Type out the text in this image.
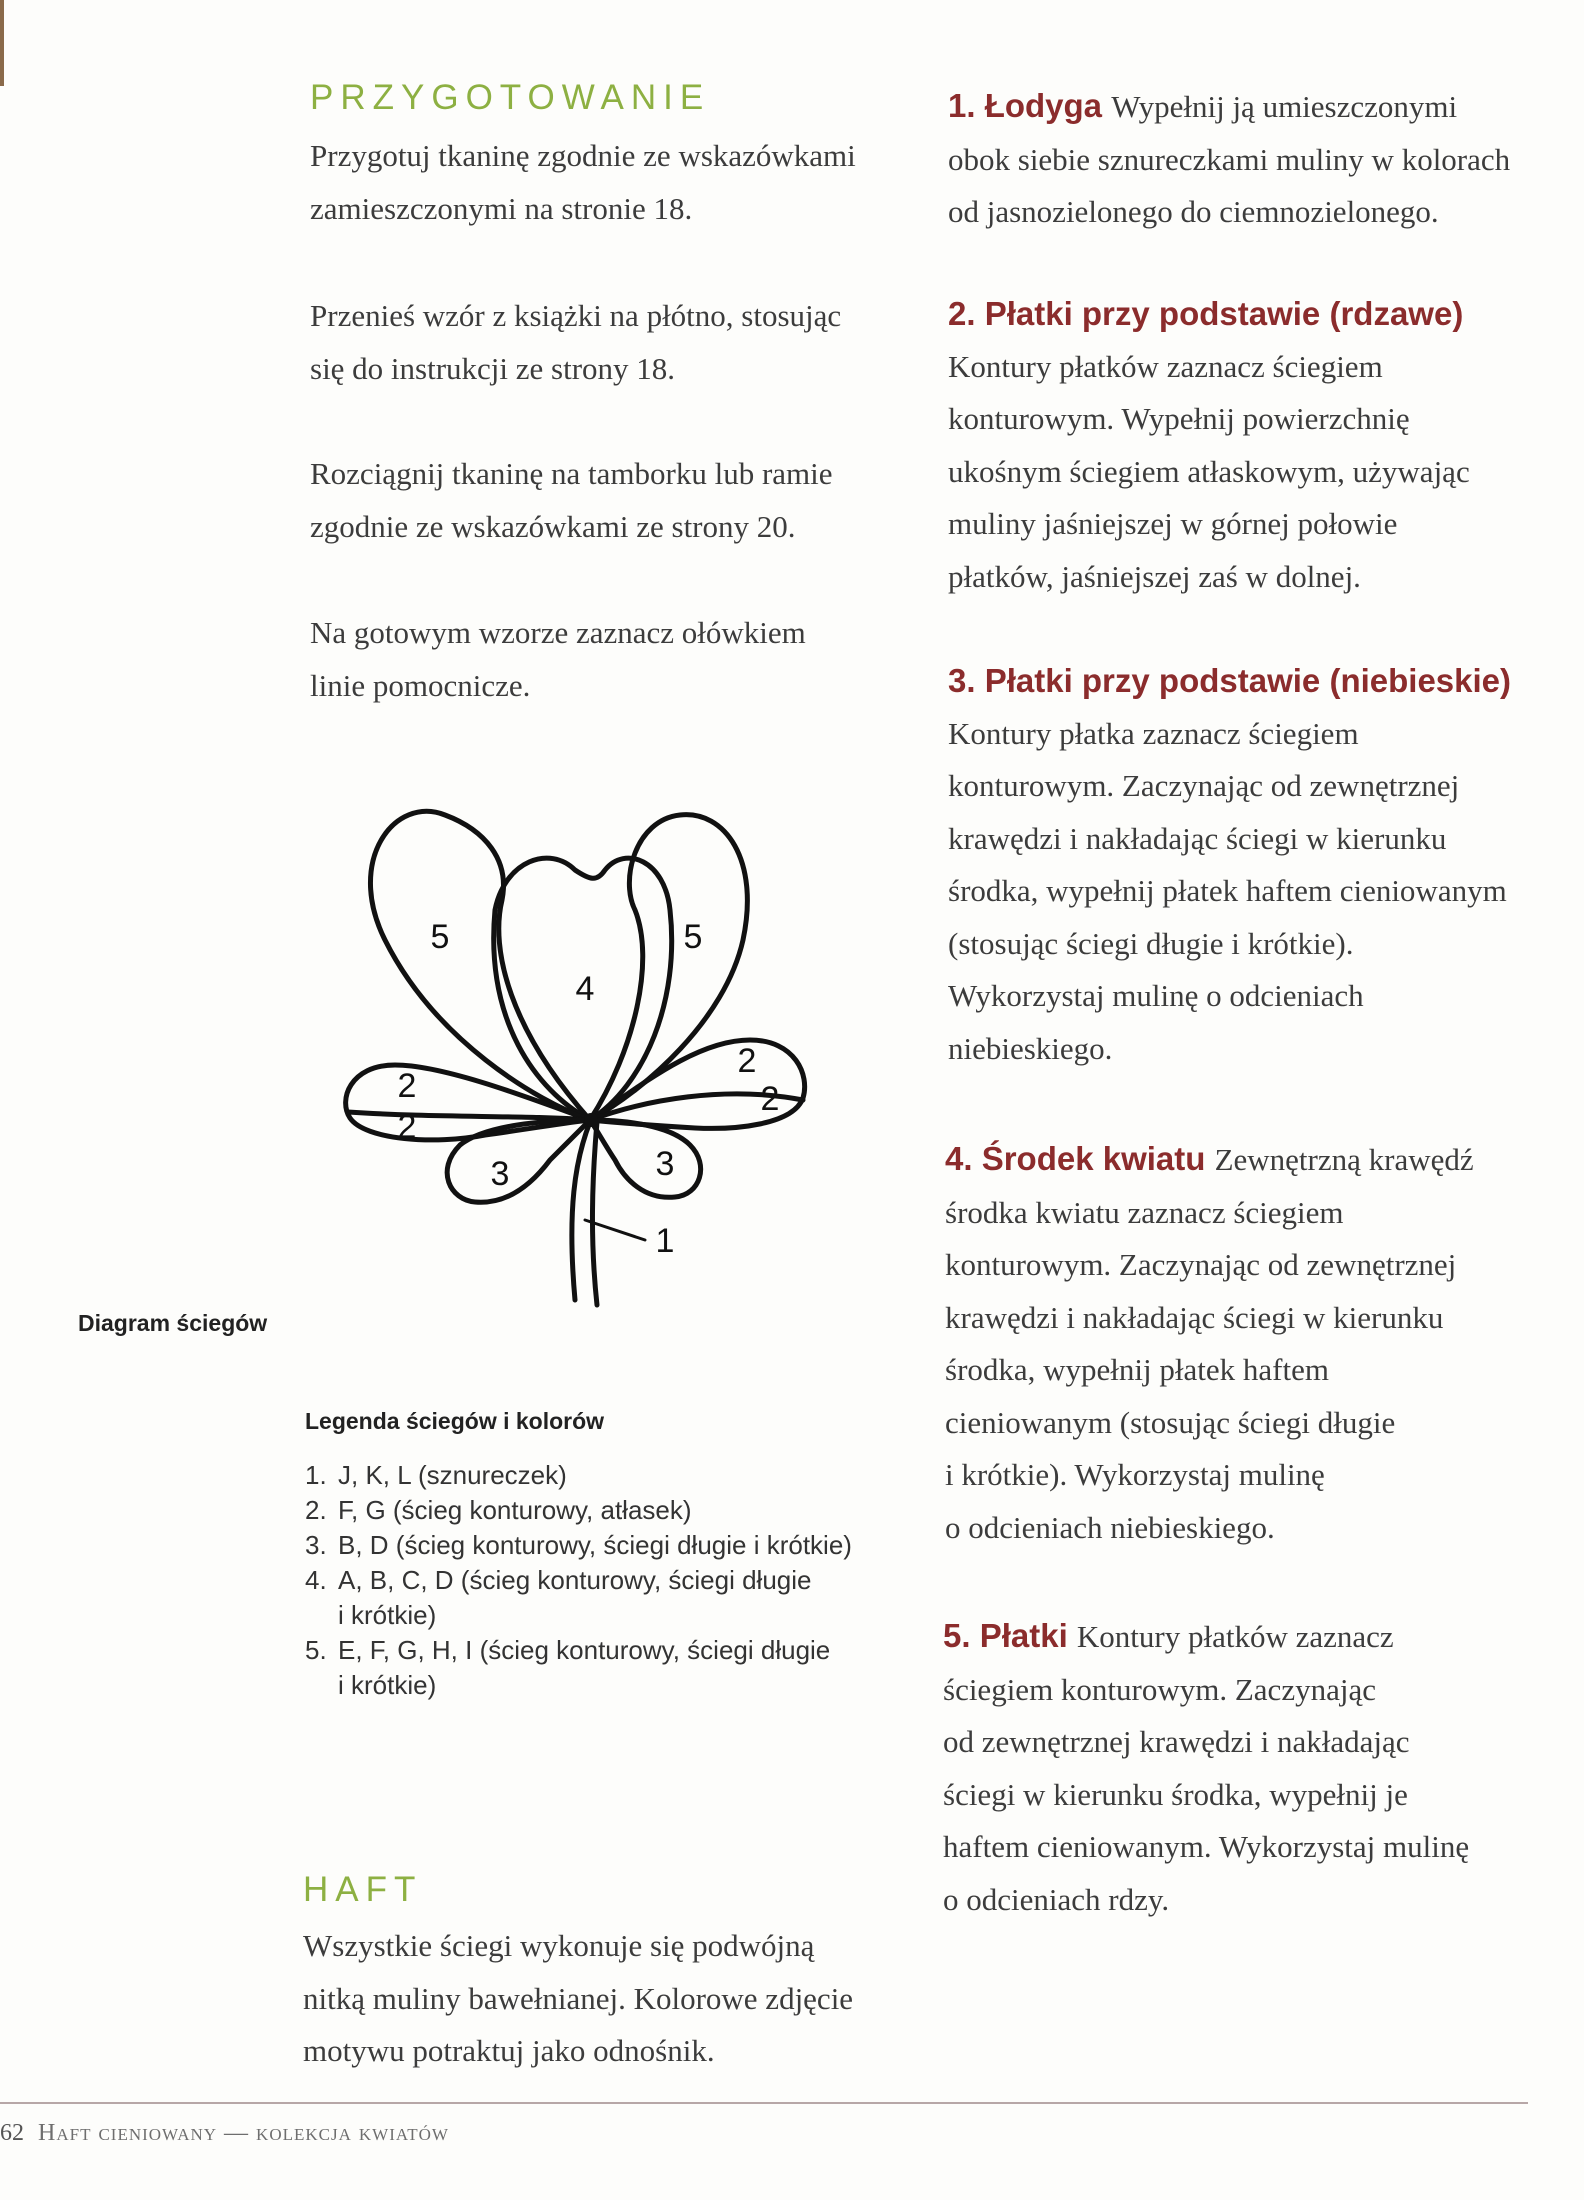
PRZYGOTOWANIE

Przygotuj tkaninę zgodnie ze wskazówkami
zamieszczonymi na stronie 18.

Przenieś wzór z książki na płótno, stosując
się do instrukcji ze strony 18.

Rozciągnij tkaninę na tamborku lub ramie
zgodnie ze wskazówkami ze strony 20.

Na gotowym wzorze zaznacz ołówkiem
linie pomocnicze.

5
4
5
2
2
2
2
3	3
1
Diagram ściegów
Legenda ściegów i kolorów
1. J, K, L (sznureczek)
2. F, G (ścieg konturowy, atłasek)
3. B, D (ścieg konturowy, ściegi długie i krótkie)
4. A, B, C, D (ścieg konturowy, ściegi długie
i krótkie)
5. E, F, G, H, I (ścieg konturowy, ściegi długie
i krótkie)
HAFT

Wszystkie ściegi wykonuje się podwójną
nitką muliny bawełnianej. Kolorowe zdjęcie
motywu potraktuj jako odnośnik.

1. Łodyga Wypełnij ją umieszczonymi
obok siebie sznureczkami muliny w kolorach
od jasnozielonego do ciemnozielonego.
2. Płatki przy podstawie (rdzawe)
Kontury płatków zaznacz ściegiem
konturowym. Wypełnij powierzchnię
ukośnym ściegiem atłaskowym, używając
muliny jaśniejszej w górnej połowie
płatków, jaśniejszej zaś w dolnej.
3. Płatki przy podstawie (niebieskie)
Kontury płatka zaznacz ściegiem
konturowym. Zaczynając od zewnętrznej
krawędzi i nakładając ściegi w kierunku
środka, wypełnij płatek haftem cieniowanym
(stosując ściegi długie i krótkie).
Wykorzystaj mulinę o odcieniach
niebieskiego.
4. Środek kwiatu Zewnętrzną krawędź
środka kwiatu zaznacz ściegiem
konturowym. Zaczynając od zewnętrznej
krawędzi i nakładając ściegi w kierunku
środka, wypełnij płatek haftem
cieniowanym (stosując ściegi długie
i krótkie). Wykorzystaj mulinę
o odcieniach niebieskiego.
5. Płatki Kontury płatków zaznacz
ściegiem konturowym. Zaczynając
od zewnętrznej krawędzi i nakładając
ściegi w kierunku środka, wypełnij je
haftem cieniowanym. Wykorzystaj mulinę
o odcieniach rdzy.
62 Haft cieniowany — kolekcja kwiatów
